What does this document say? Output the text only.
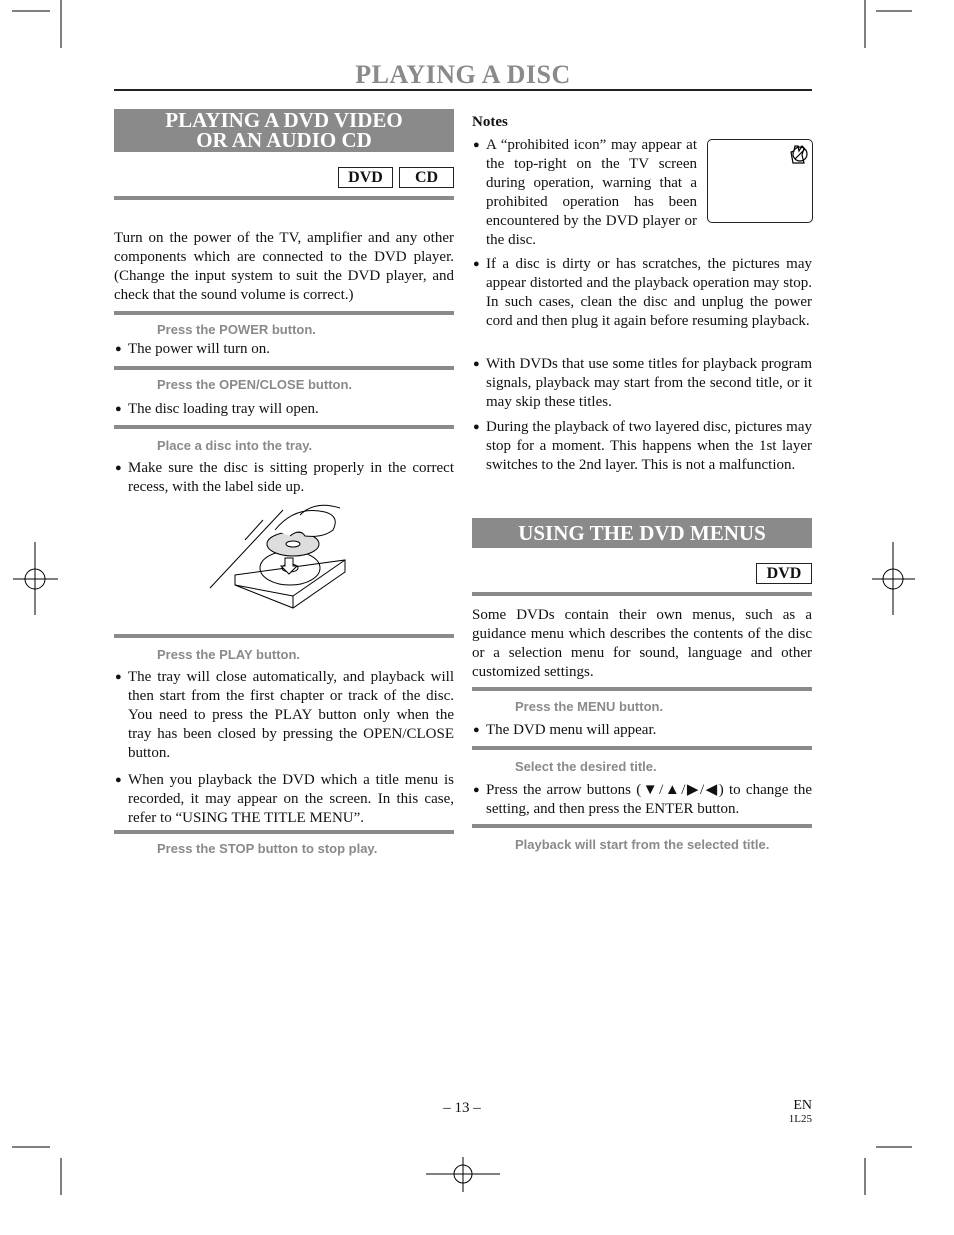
PLAYING A DISC
PLAYING A DVD VIDEO
OR AN AUDIO CD
DVD	CD
Turn on the power of the TV, amplifier and any other components which are connected to the DVD player. (Change the input system to suit the DVD player, and check that the sound volume is correct.)
Press the POWER button.
● The power will turn on.
Press the OPEN/CLOSE button.
● The disc loading tray will open.
Place a disc into the tray.
● Make sure the disc is sitting properly in the correct recess, with the label side up.
Press the PLAY button.
● The tray will close automatically, and playback will then start from the first chapter or track of the disc. You need to press the PLAY button only when the tray has been closed by pressing the OPEN/CLOSE button.
● When you playback the DVD which a title menu is recorded, it may appear on the screen. In this case, refer to “USING THE TITLE MENU”.
Press the STOP button to stop play.
Notes
● A “prohibited icon” may appear at the top-right on the TV screen during operation, warning that a prohibited operation has been encountered by the DVD player or the disc.
● If a disc is dirty or has scratches, the pictures may appear distorted and the playback operation may stop. In such cases, clean the disc and unplug the power cord and then plug it again before resuming playback.
● With DVDs that use some titles for playback program signals, playback may start from the second title, or it may skip these titles.
● During the playback of two layered disc, pictures may stop for a moment. This happens when the 1st layer switches to the 2nd layer. This is not a malfunction.
USING THE DVD MENUS
DVD
Some DVDs contain their own menus, such as a guidance menu which describes the contents of the disc or a selection menu for sound, language and other customized settings.
Press the MENU button.
● The DVD menu will appear.
Select the desired title.
● Press the arrow buttons (▼/▲/▶/◀) to change the setting, and then press the ENTER button.
Playback will start from the selected title.
– 13 –	EN
1L25
